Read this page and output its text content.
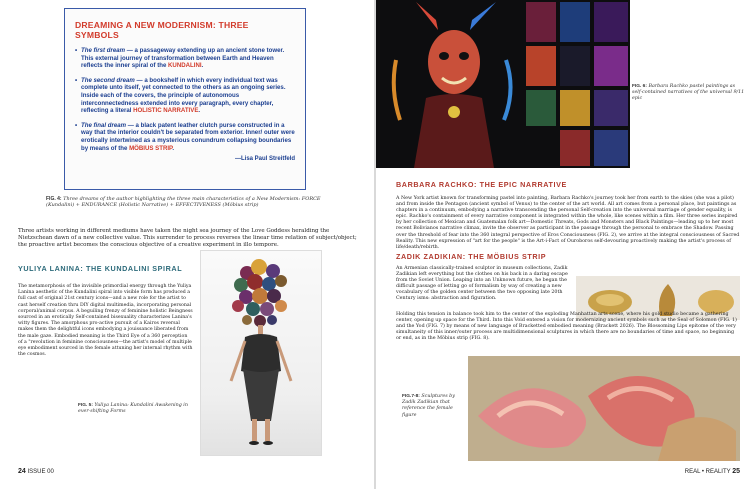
DREAMING A NEW MODERNISM: THREE SYMBOLS
• The first dream — a passageway extending up an ancient stone tower. This external journey of transformation between Earth and Heaven reflects the inner spiral of the KUNDALINI.
• The second dream — a bookshelf in which every individual text was complete unto itself, yet connected to the others as an ongoing series. Inside each of the covers, the principle of autonomous interconnectedness extended into every paragraph, every chapter, reflecting a literal HOLISTIC NARRATIVE.
• The final dream — a black patent leather clutch purse constructed in a way that the interior couldn't be separated from exterior. Inner/ outer were erotically intertwined as a mysterious conundrum collapsing boundaries by means of the MÖBIUS STRIP.
—Lisa Paul Streitfeld
FIG. 4: Three dreams of the author highlighting the three main characteristics of a New Modernism: FORCE (Kundalini) + ENDURANCE (Holistic Narrative) + EFFECTIVENESS (Möbius strip)

Three artists working in different mediums have taken the night sea journey of the Love Goddess heralding the Nietzschean dawn of a new collective value. This surrender to process reverses the linear time relation of subject/object; the proactive artist becomes the conscious objective of a creative experiment in illo tempore.

YULIYA LANINA: THE KUNDALINI SPIRAL

The metamorphosis of the invisible primordial energy through the Yuliya Lanina aesthetic of the Kundalini spiral into visible form has produced a full cast of original 21st century icons—and a new role for the artist to cast herself creation thru DIY digital multimedia, incorporating personal corporal/animal corpus. A beguiling frenzy of feminine holistic Beingness sourced in an erotically Self-contained bisexuality characterizes Lanina's witty figures. The amorphous pro-active pursuit of a Kairos reversal makes them the delightful icons embodying a jouissance liberated from the male gaze. Embodied meaning is the Third Eye of a 360 perception of a "revolution in feminine consciousness—the artist's model of multiple eye embodiment sourced in the female attuning her internal rhythm with the cosmos.

FIG. 5: Yuliya Lanina: Kundalini Awakening in ever-shifting Forms
24 ISSUE 00
FIG. 6: Barbara Rachko pastel paintings as self-contained narratives of the universal 9/11 epic
BARBARA RACHKO: THE EPIC NARRATIVE

A New York artist known for transforming pastel into painting, Barbara Rachko's journey took her from earth to the skies (she was a pilot) and from inside the Pentagon (ancient symbol of Venus) to the center of the art world. All art comes from a personal place, but paintings as chapters in a continuum, embodying a narrative transcending the personal Self-creation into the universal marriage of gender equality, is epic. Rachko's containment of every narrative component is integrated within the whole, like scenes within a film. Her three series inspired by her collection of Mexican and Guatemalan folk art—Domestic Threats, Gods and Monsters and Black Paintings—leading up to her most recent Bolivianos narrative climax, invite the observer as participant in the passage through the personal to embrace the Shadow. Passing over the threshold of fear into the 360 integral perspective of Eros Consciousness (FIG. 2), we arrive at the integral consciousness of Sacred Reality. This new expression of "art for the people" is the Art-i-Fact of Ouroboros self-devouring proactively making the artist's process of life/death/rebirth.

ZADIK ZADIKIAN: THE MÖBIUS STRIP

An Armenian classically-trained sculptor in museum collections, Zadik Zadikian left everything but the clothes on his back in a daring escape from the Soviet Union. Leaping into an Unknown future, he began the difficult passage of letting go of formalism by way of creating a new vocabulary of the golden center between the two opposing late 20th Century isms: abstraction and figuration.

Holding this tension in balance took him to the center of the exploding Manhattan arts scene, where his gold studio became a gathering center, opening up space for the Third. Into this Void entered a vision for modernizing ancient symbols such as the Seal of Solomon (FIG. 1) and the Yod (FIG. 7) by means of new language of Bracketted embodied meaning (Brackett 2026). The Blossoming Lips epitome of the very simultaneity of this inner/outer process are multidimensional sculptures in which there are no boundaries of time and space, no beginning or end, as in the Möbius strip (FIG. 8).

FIG.7-8: Sculptures by Zadik Zadikian that reference the female figure
REAL • REALITY 25
